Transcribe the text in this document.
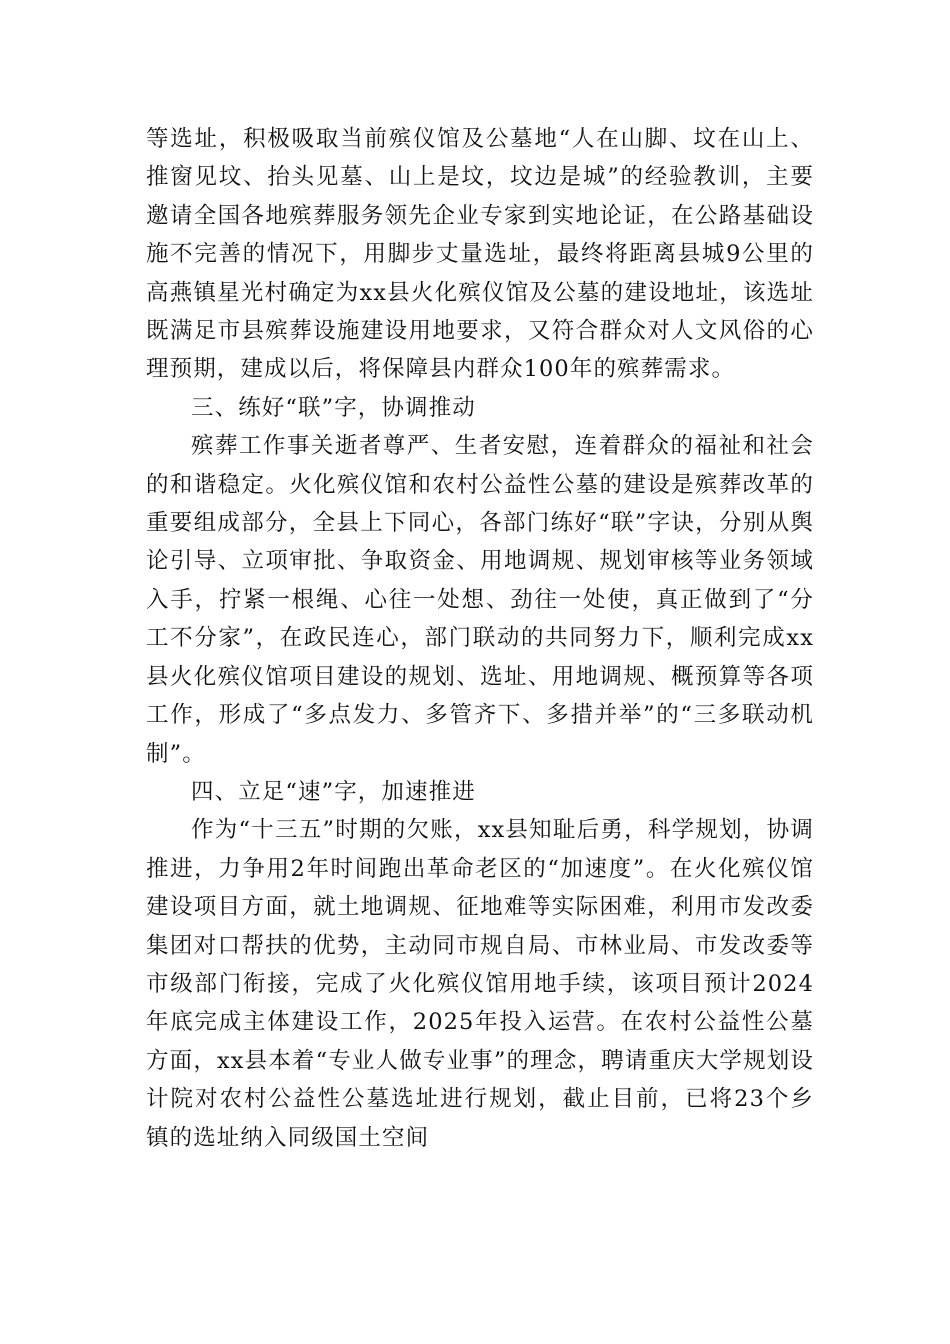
等选址，积极吸取当前殡仪馆及公墓地“人在山脚、坟在山上、推窗见坟、抬头见墓、山上是坟，坟边是城”的经验教训，主要邀请全国各地殡葬服务领先企业专家到实地论证，在公路基础设施不完善的情况下，用脚步丈量选址，最终将距离县城9公里的高燕镇星光村确定为xx县火化殡仪馆及公墓的建设地址，该选址既满足市县殡葬设施建设用地要求，又符合群众对人文风俗的心理预期，建成以后，将保障县内群众100年的殡葬需求。

三、练好“联”字，协调推动

殡葬工作事关逝者尊严、生者安慰，连着群众的福祉和社会的和谐稳定。火化殡仪馆和农村公益性公墓的建设是殡葬改革的重要组成部分，全县上下同心，各部门练好“联”字诀，分别从舆论引导、立项审批、争取资金、用地调规、规划审核等业务领域入手，拧紧一根绳、心往一处想、劲往一处使，真正做到了“分工不分家”，在政民连心，部门联动的共同努力下，顺利完成xx县火化殡仪馆项目建设的规划、选址、用地调规、概预算等各项工作，形成了“多点发力、多管齐下、多措并举”的“三多联动机制”。

四、立足“速”字，加速推进

作为“十三五”时期的欠账，xx县知耻后勇，科学规划，协调推进，力争用2年时间跑出革命老区的“加速度”。在火化殡仪馆建设项目方面，就土地调规、征地难等实际困难，利用市发改委集团对口帮扶的优势，主动同市规自局、市林业局、市发改委等市级部门衔接，完成了火化殡仪馆用地手续，该项目预计2024年底完成主体建设工作，2025年投入运营。在农村公益性公墓方面，xx县本着“专业人做专业事”的理念，聘请重庆大学规划设计院对农村公益性公墓选址进行规划，截止目前，已将23个乡镇的选址纳入同级国土空间
